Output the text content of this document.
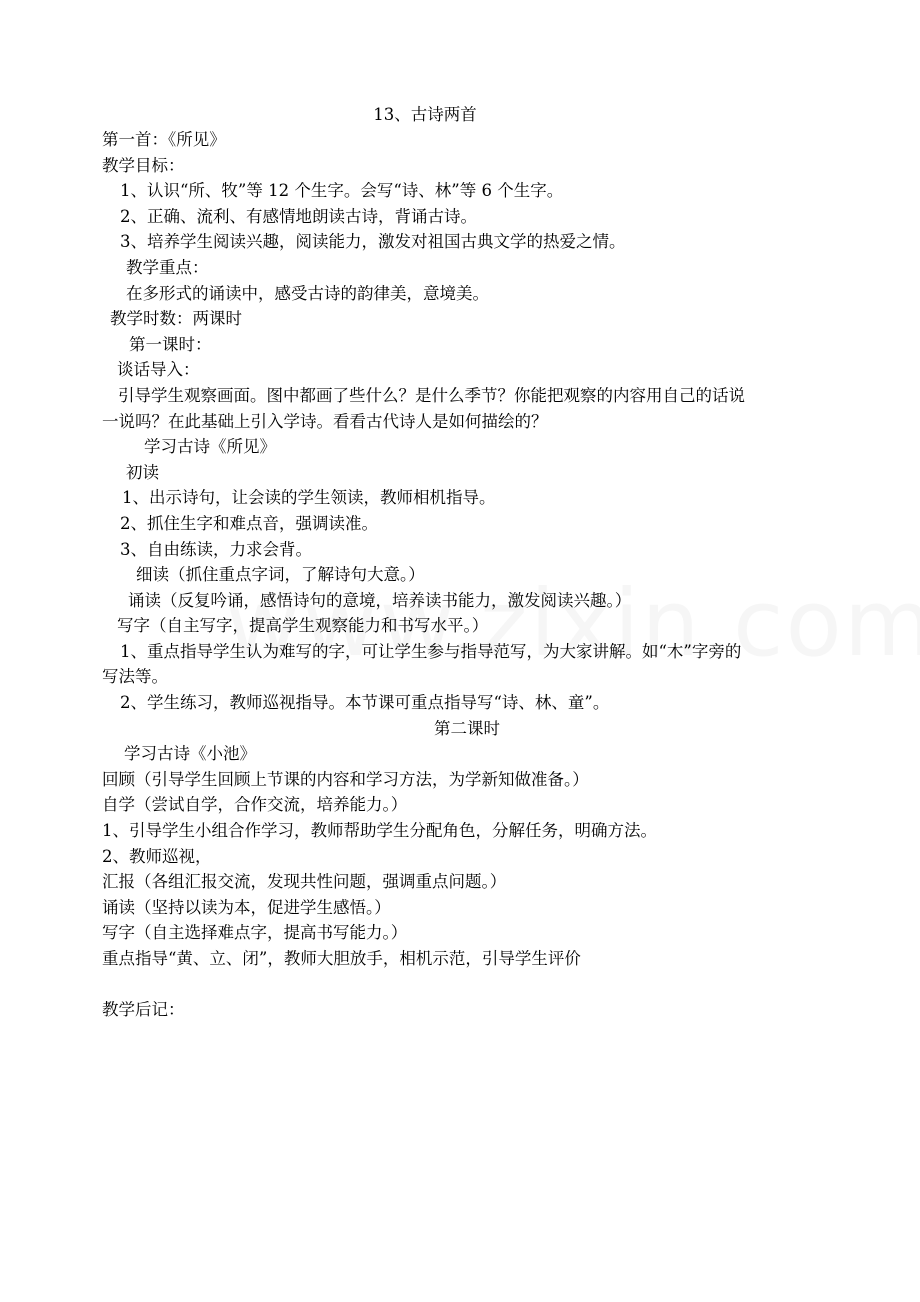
13、古诗两首
第一首：《所见》
教学目标：
1、认识“所、牧”等 12 个生字。会写“诗、林”等 6 个生字。
2、正确、流利、有感情地朗读古诗，背诵古诗。
3、培养学生阅读兴趣，阅读能力，激发对祖国古典文学的热爱之情。
教学重点：
在多形式的诵读中，感受古诗的韵律美，意境美。
教学时数：两课时
第一课时：
谈话导入：
引导学生观察画面。图中都画了些什么？是什么季节？你能把观察的内容用自己的话说
一说吗？在此基础上引入学诗。看看古代诗人是如何描绘的？
学习古诗《所见》
初读
1、出示诗句，让会读的学生领读，教师相机指导。
2、抓住生字和难点音，强调读准。
3、自由练读，力求会背。
细读（抓住重点字词，了解诗句大意。）
诵读（反复吟诵，感悟诗句的意境，培养读书能力，激发阅读兴趣。）
写字（自主写字，提高学生观察能力和书写水平。）
1、重点指导学生认为难写的字，可让学生参与指导范写，为大家讲解。如“木”字旁的
写法等。
2、学生练习，教师巡视指导。本节课可重点指导写“诗、林、童”。
第二课时
学习古诗《小池》
回顾（引导学生回顾上节课的内容和学习方法，为学新知做准备。）
自学（尝试自学，合作交流，培养能力。）
1、引导学生小组合作学习，教师帮助学生分配角色，分解任务，明确方法。
2、教师巡视，
汇报（各组汇报交流，发现共性问题，强调重点问题。）
诵读（坚持以读为本，促进学生感悟。）
写字（自主选择难点字，提高书写能力。）
重点指导“黄、立、闭”，教师大胆放手，相机示范，引导学生评价
教学后记：
